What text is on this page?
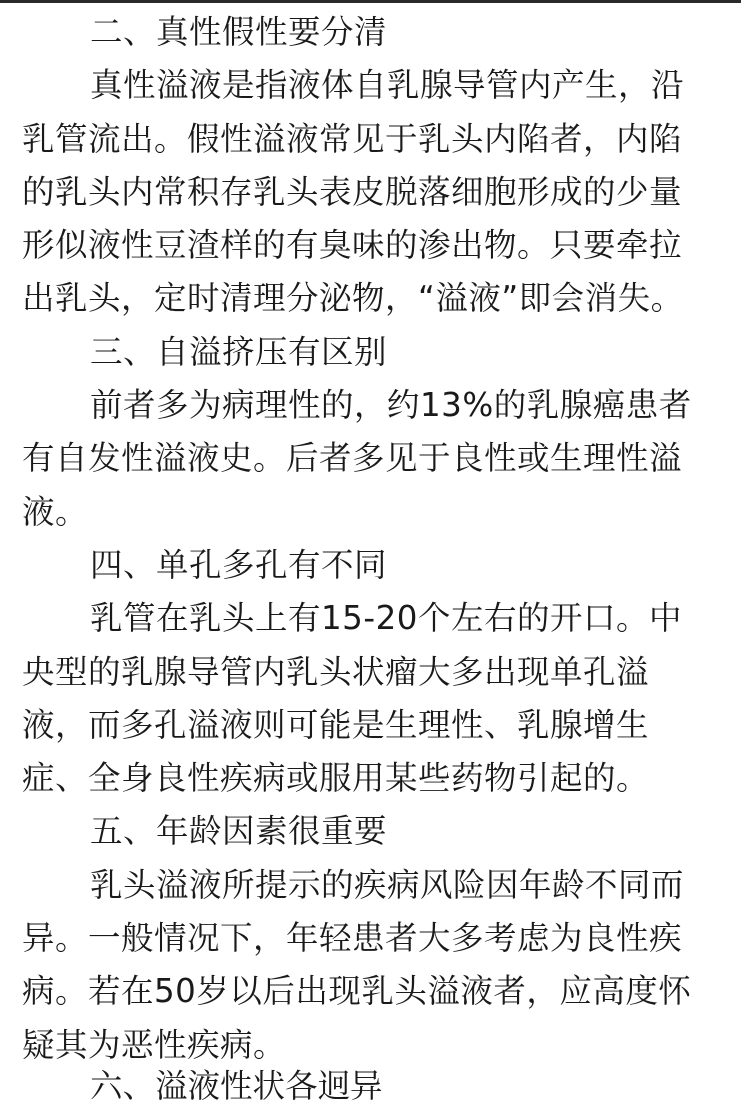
二、真性假性要分清
真性溢液是指液体自乳腺导管内产生，沿
乳管流出。假性溢液常见于乳头内陷者，内陷
的乳头内常积存乳头表皮脱落细胞形成的少量
形似液性豆渣样的有臭味的渗出物。只要牵拉
出乳头，定时清理分泌物，“溢液”即会消失。
三、自溢挤压有区别
前者多为病理性的，约13%的乳腺癌患者
有自发性溢液史。后者多见于良性或生理性溢
液。
四、单孔多孔有不同
乳管在乳头上有15-20个左右的开口。中
央型的乳腺导管内乳头状瘤大多出现单孔溢
液，而多孔溢液则可能是生理性、乳腺增生
症、全身良性疾病或服用某些药物引起的。
五、年龄因素很重要
乳头溢液所提示的疾病风险因年龄不同而
异。一般情况下，年轻患者大多考虑为良性疾
病。若在50岁以后出现乳头溢液者，应高度怀
疑其为恶性疾病。
六、溢液性状各迥异
